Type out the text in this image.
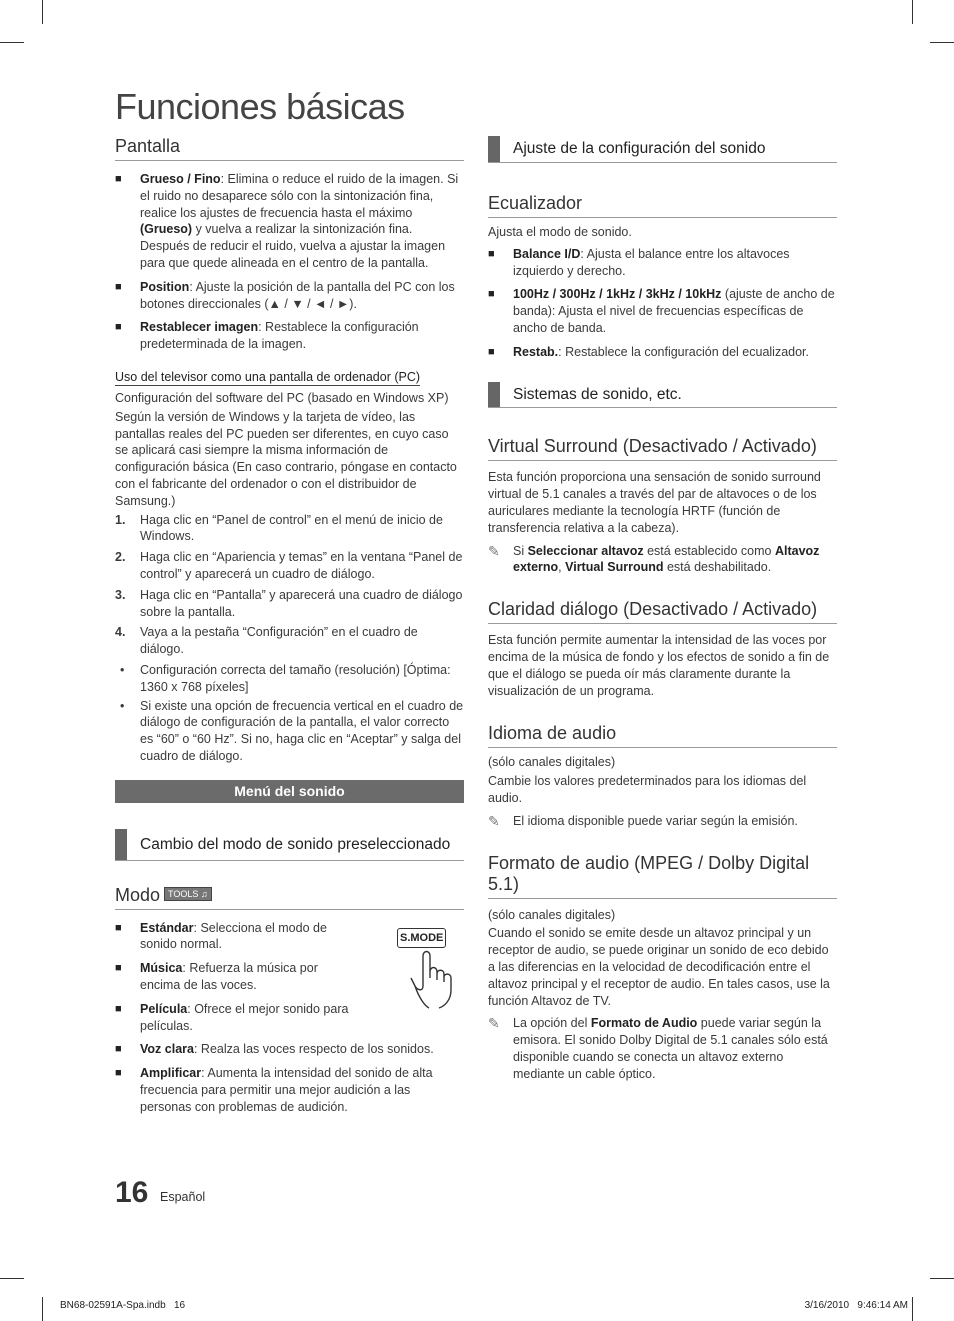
Funciones básicas
Pantalla
■	Grueso / Fino: Elimina o reduce el ruido de la imagen. Si el ruido no desaparece sólo con la sintonización fina, realice los ajustes de frecuencia hasta el máximo (Grueso) y vuelva a realizar la sintonización fina. Después de reducir el ruido, vuelva a ajustar la imagen para que quede alineada en el centro de la pantalla.
■	Position: Ajuste la posición de la pantalla del PC con los botones direccionales (▲ / ▼ / ◄ / ►).
■	Restablecer imagen: Restablece la configuración predeterminada de la imagen.
Uso del televisor como una pantalla de ordenador (PC)

Configuración del software del PC (basado en Windows XP)

Según la versión de Windows y la tarjeta de vídeo, las pantallas reales del PC pueden ser diferentes, en cuyo caso se aplicará casi siempre la misma información de configuración básica (En caso contrario, póngase en contacto con el fabricante del ordenador o con el distribuidor de Samsung.)

1.	Haga clic en “Panel de control” en el menú de inicio de Windows.
2.	Haga clic en “Apariencia y temas” en la ventana “Panel de control” y aparecerá un cuadro de diálogo.
3.	Haga clic en “Pantalla” y aparecerá una cuadro de diálogo sobre la pantalla.
4.	Vaya a la pestaña “Configuración” en el cuadro de diálogo.
•	Configuración correcta del tamaño (resolución) [Óptima: 1360 x 768 píxeles]
•	Si existe una opción de frecuencia vertical en el cuadro de diálogo de configuración de la pantalla, el valor correcto es “60” o “60 Hz”. Si no, haga clic en “Aceptar” y salga del cuadro de diálogo.
Menú del sonido
Cambio del modo de sonido preseleccionado
Modo TOOLS ♫
S.MODE
■	Estándar: Selecciona el modo de sonido normal.
■	Música: Refuerza la música por encima de las voces.
■	Película: Ofrece el mejor sonido para películas.
■	Voz clara: Realza las voces respecto de los sonidos.
■	Amplificar: Aumenta la intensidad del sonido de alta frecuencia para permitir una mejor audición a las personas con problemas de audición.
Ajuste de la configuración del sonido
Ecualizador

Ajusta el modo de sonido.

■	Balance I/D: Ajusta el balance entre los altavoces izquierdo y derecho.
■	100Hz / 300Hz / 1kHz / 3kHz / 10kHz (ajuste de ancho de banda): Ajusta el nivel de frecuencias específicas de ancho de banda.
■	Restab.: Restablece la configuración del ecualizador.
Sistemas de sonido, etc.
Virtual Surround (Desactivado / Activado)

Esta función proporciona una sensación de sonido surround virtual de 5.1 canales a través del par de altavoces o de los auriculares mediante la tecnología HRTF (función de transferencia relativa a la cabeza).

✎	Si Seleccionar altavoz está establecido como Altavoz externo, Virtual Surround está deshabilitado.
Claridad diálogo (Desactivado / Activado)

Esta función permite aumentar la intensidad de las voces por encima de la música de fondo y los efectos de sonido a fin de que el diálogo se pueda oír más claramente durante la visualización de un programa.

Idioma de audio

(sólo canales digitales)

Cambie los valores predeterminados para los idiomas del audio.

✎	El idioma disponible puede variar según la emisión.
Formato de audio (MPEG / Dolby Digital 5.1)

(sólo canales digitales)

Cuando el sonido se emite desde un altavoz principal y un receptor de audio, se puede originar un sonido de eco debido a las diferencias en la velocidad de decodificación entre el altavoz principal y el receptor de audio. En tales casos, use la función Altavoz de TV.

✎	La opción del Formato de Audio puede variar según la emisora. El sonido Dolby Digital de 5.1 canales sólo está disponible cuando se conecta un altavoz externo mediante un cable óptico.
16 Español
BN68-02591A-Spa.indb   16	3/16/2010   9:46:14 AM
